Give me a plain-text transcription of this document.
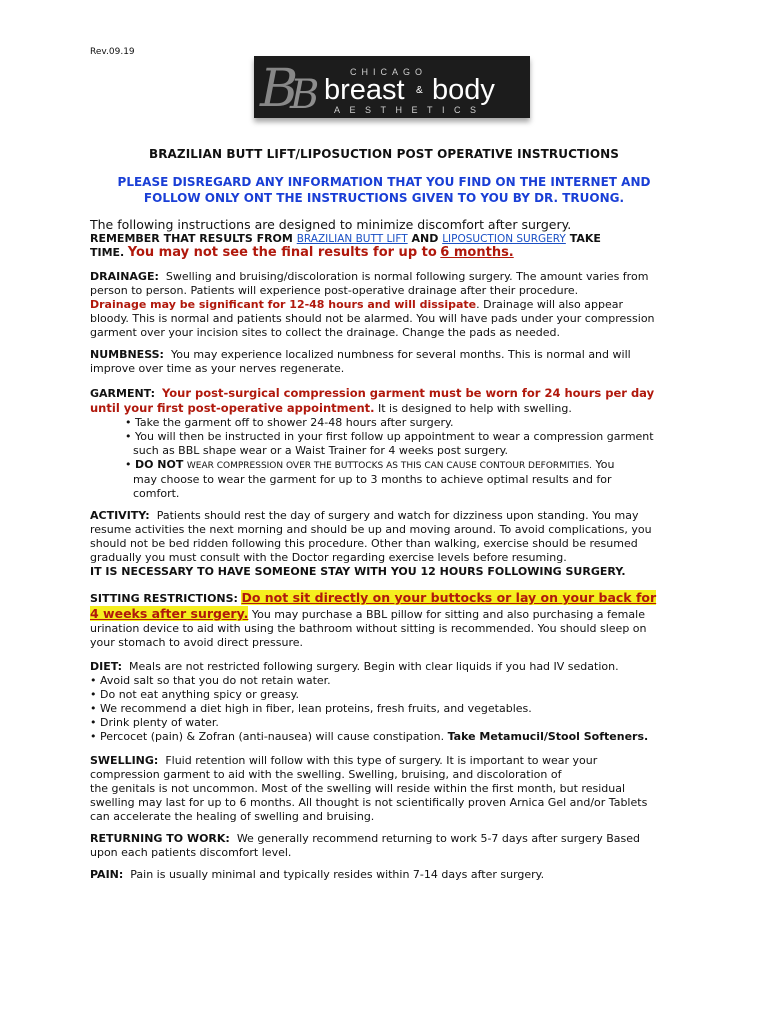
Rev.09.19
B
B	CHICAGO
breast & body
AESTHETICS
BRAZILIAN BUTT LIFT/LIPOSUCTION POST OPERATIVE INSTRUCTIONS
PLEASE DISREGARD ANY INFORMATION THAT YOU FIND ON THE INTERNET AND
FOLLOW ONLY ONT THE INSTRUCTIONS GIVEN TO YOU BY DR. TRUONG.
The following instructions are designed to minimize discomfort after surgery.
REMEMBER THAT RESULTS FROM BRAZILIAN BUTT LIFT AND LIPOSUCTION SURGERY TAKE
TIME. You may not see the final results for up to 6 months.
DRAINAGE: Swelling and bruising/discoloration is normal following surgery. The amount varies from
person to person. Patients will experience post-operative drainage after their procedure.
Drainage may be significant for 12-48 hours and will dissipate. Drainage will also appear
bloody. This is normal and patients should not be alarmed. You will have pads under your compression
garment over your incision sites to collect the drainage. Change the pads as needed.
NUMBNESS: You may experience localized numbness for several months. This is normal and will
improve over time as your nerves regenerate.
GARMENT: Your post-surgical compression garment must be worn for 24 hours per day
until your first post-operative appointment. It is designed to help with swelling.
• Take the garment off to shower 24-48 hours after surgery.
• You will then be instructed in your first follow up appointment to wear a compression garment
such as BBL shape wear or a Waist Trainer for 4 weeks post surgery.
• DO NOT WEAR COMPRESSION OVER THE BUTTOCKS AS THIS CAN CAUSE CONTOUR DEFORMITIES. You
may choose to wear the garment for up to 3 months to achieve optimal results and for
comfort.
ACTIVITY: Patients should rest the day of surgery and watch for dizziness upon standing. You may
resume activities the next morning and should be up and moving around. To avoid complications, you
should not be bed ridden following this procedure. Other than walking, exercise should be resumed
gradually you must consult with the Doctor regarding exercise levels before resuming.
IT IS NECESSARY TO HAVE SOMEONE STAY WITH YOU 12 HOURS FOLLOWING SURGERY.
SITTING RESTRICTIONS: Do not sit directly on your buttocks or lay on your back for
4 weeks after surgery. You may purchase a BBL pillow for sitting and also purchasing a female
urination device to aid with using the bathroom without sitting is recommended. You should sleep on
your stomach to avoid direct pressure.
DIET: Meals are not restricted following surgery. Begin with clear liquids if you had IV sedation.
• Avoid salt so that you do not retain water.
• Do not eat anything spicy or greasy.
• We recommend a diet high in fiber, lean proteins, fresh fruits, and vegetables.
• Drink plenty of water.
• Percocet (pain) & Zofran (anti-nausea) will cause constipation. Take Metamucil/Stool Softeners.
SWELLING: Fluid retention will follow with this type of surgery. It is important to wear your
compression garment to aid with the swelling. Swelling, bruising, and discoloration of
the genitals is not uncommon. Most of the swelling will reside within the first month, but residual
swelling may last for up to 6 months. All thought is not scientifically proven Arnica Gel and/or Tablets
can accelerate the healing of swelling and bruising.
RETURNING TO WORK: We generally recommend returning to work 5-7 days after surgery Based
upon each patients discomfort level.
PAIN: Pain is usually minimal and typically resides within 7-14 days after surgery.
